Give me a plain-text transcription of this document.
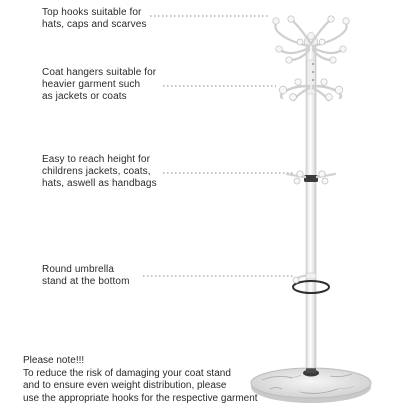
Top hooks suitable for
hats, caps and scarves
Coat hangers suitable for
heavier garment such
as jackets or coats
Easy to reach height for
childrens jackets, coats,
hats, aswell as handbags
Round umbrella
stand at the bottom
Please note!!!
To reduce the risk of damaging your coat stand
and to ensure even weight distribution, please
use the appropriate hooks for the respective garment
